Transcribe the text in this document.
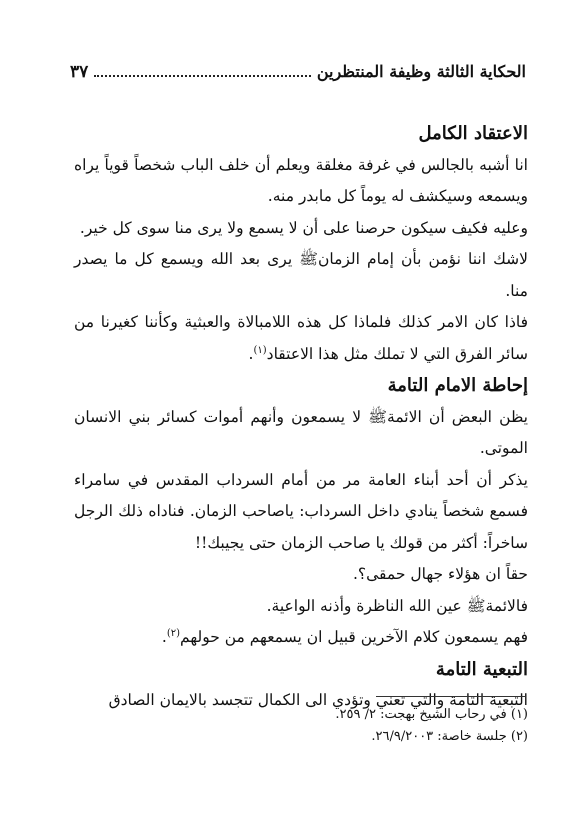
الحكاية الثالثة وظيفة المنتظرين
٣٧

الاعتقاد الكامل

انا أشبه بالجالس في غرفة مغلقة ويعلم أن خلف الباب شخصاً قوياً يراه ويسمعه وسيكشف له يوماً كل مابدر منه.

وعليه فكيف سيكون حرصنا على أن لا يسمع ولا يرى منا سوى كل خير.

لاشك اننا نؤمن بأن إمام الزمانﷺ يرى بعد الله ويسمع كل ما يصدر منا.

فاذا كان الامر كذلك فلماذا كل هذه اللامبالاة والعبثية وكأننا كغيرنا من سائر الفرق التي لا تملك مثل هذا الاعتقاد$^{(١)}$.

إحاطة الامام التامة

يظن البعض أن الائمةﷺ لا يسمعون وأنهم أموات كسائر بني الانسان الموتى.

يذكر أن أحد أبناء العامة مر من أمام السرداب المقدس في سامراء فسمع شخصاً ينادي داخل السرداب: ياصاحب الزمان. فناداه ذلك الرجل ساخراً: أكثر من قولك يا صاحب الزمان حتى يجيبك!!

حقاً ان هؤلاء جهال حمقى؟.

فالائمةﷺ عين الله الناظرة وأذنه الواعية.

فهم يسمعون كلام الآخرين قبيل ان يسمعهم من حولهم$^{(٢)}$.

التبعية التامة

التبعية التامة والتي تعني وتؤدي الى الكمال تتجسد بالايمان الصادق

(١) في رحاب الشيخ بهجت: ٢/ ٢٥٩.

(٢) جلسة خاصة: ٢٦/٩/٢٠٠٣.
